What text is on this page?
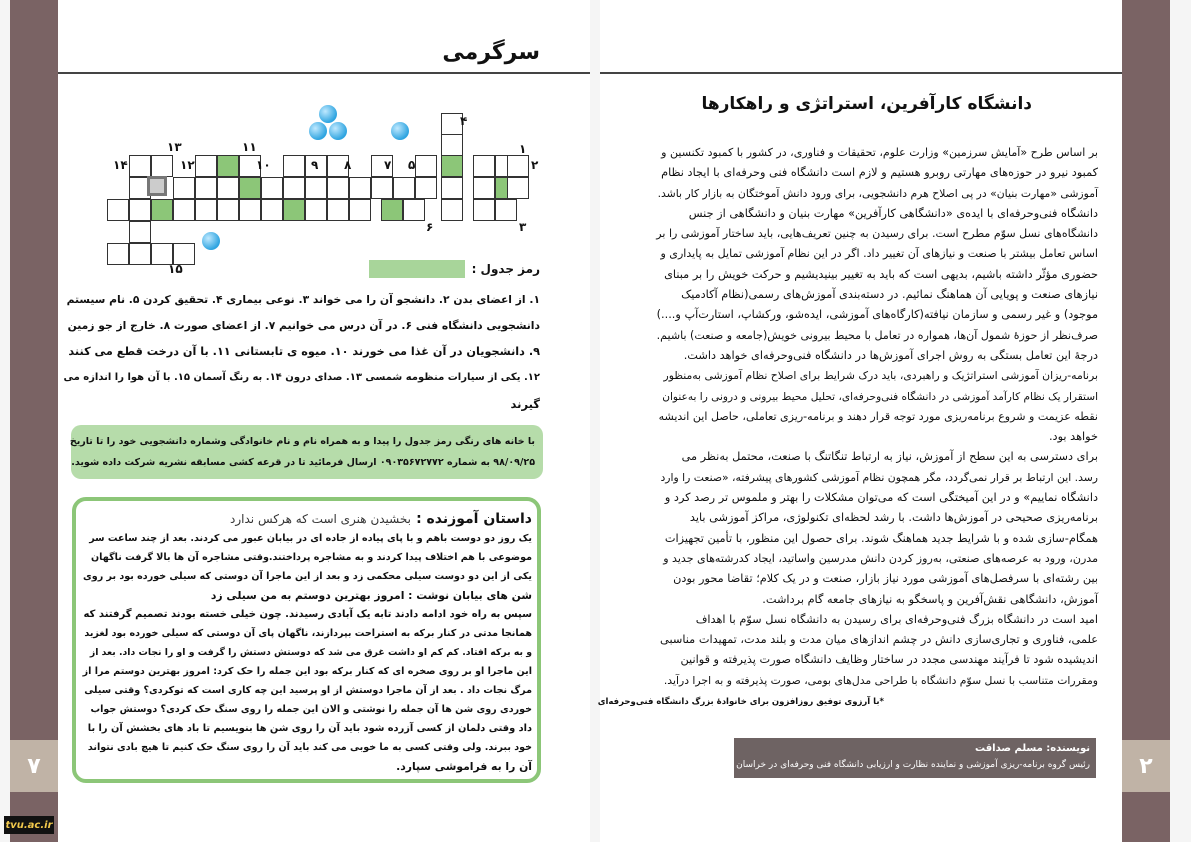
۷	۲
tvu.ac.ir
سرگرمی
۱
۲
۳
۴
۵
۶
۷
۸
۹
۱۰
۱۱
۱۲
۱۳
۱۴
۱۵	رمز جدول :
۱. از اعضای بدن ۲. دانشجو آن را می خواند ۳. نوعی بیماری ۴. تحقیق کردن ۵. نام سیستم
دانشجویی دانشگاه فنی ۶. در آن درس می خوانیم ۷. از اعضای صورت ۸. خارج از جو زمین
۹. دانشجویان در آن غذا می خورند ۱۰. میوه ی تابستانی ۱۱. با آن درخت قطع می کنند
۱۲. یکی از سیارات منظومه شمسی ۱۳. صدای درون ۱۴. به رنگ آسمان ۱۵. با آن هوا را اندازه می
گیرند
با خانه های رنگی رمز جدول را پیدا و به همراه نام و نام خانوادگی وشماره دانشجویی خود را تا تاریخ
۹۸/۰۹/۲۵ به شماره ۰۹۰۳۵۶۷۲۷۷۲ ارسال فرمائید تا در قرعه کشی مسابقه نشریه شرکت داده شوید.
داستان آموزنده : بخشیدن هنری است که هرکس ندارد
یک روز دو دوست باهم و با پای پیاده از جاده ای در بیابان عبور می کردند. بعد از چند ساعت سر
موضوعی با هم اختلاف پیدا کردند و به مشاجره پرداختند.وقتی مشاجره آن ها بالا گرفت ناگهان
یکی از این دو دوست سیلی محکمی زد و بعد از این ماجرا آن دوستی که سیلی خورده بود بر روی
شن های بیابان نوشت : امروز بهترین دوستم به من سیلی زد
سپس به راه خود ادامه دادند تابه یک آبادی رسیدند. چون خیلی خسته بودند تصمیم گرفتند که
همانجا مدتی در کنار برکه به استراحت بپردازند، ناگهان پای آن دوستی که سیلی خورده بود لغزید
و به برکه افتاد. کم کم او داشت غرق می شد که دوستش دستش را گرفت و او را نجات داد. بعد از
این ماجرا او بر روی صخره ای که کنار برکه بود این جمله را حک کرد: امروز بهترین دوستم مرا از
مرگ نجات داد . بعد از آن ماجرا دوستش از او پرسید این چه کاری است که توکردی؟ وقتی سیلی
خوردی روی شن ها آن جمله را نوشتی و الان این جمله را روی سنگ حک کردی؟ دوستش جواب
داد وقتی دلمان از کسی آزرده شود باید آن را روی شن ها بنویسیم تا باد های بخشش آن را با
خود ببرند. ولی وقتی کسی به ما خوبی می کند باید آن را روی سنگ حک کنیم تا هیچ بادی نتواند
آن را به فراموشی سپارد.
دانشگاه کارآفرین، استراتژی و راهکارها
بر اساس طرح «آمایش سرزمین» وزارت علوم، تحقیقات و فناوری، در کشور با کمبود تکنسین و
کمبود نیرو در حوزه‌های مهارتی روبرو هستیم و لازم است دانشگاه فنی وحرفه‌ای با ایجاد نظام
آموزشی «مهارت بنیان» در پی اصلاح هرم دانشجویی، برای ورود دانش آموختگان به بازار کار باشد.
دانشگاه فنی‌وحرفه‌ای با ایده‌ی «دانشگاهی کارآفرین» مهارت بنیان و دانشگاهی از جنس
دانشگاه‌های نسل سوّم مطرح است. برای رسیدن به چنین تعریف‌هایی، باید ساختار آموزشی را بر
اساس تعامل بیشتر با صنعت و نیازهای آن تغییر داد. اگر در این نظام آموزشی تمایل به پایداری و
حضوری مؤثّر داشته باشیم، بدیهی است که باید به تغییر بینیدیشیم و حرکت خویش را بر مبنای
نیازهای صنعت و پویایی آن هماهنگ نمائیم. در دسته‌بندی آموزش‌های رسمی(نظام آکادمیک
موجود) و غیر رسمی و سازمان نیافته(کارگاه‌های آموزشی، ایده‌شو، ورکشاپ، استارت‌آپ و....)
صرف‌نظر از حوزهٔ شمول آن‌ها، همواره در تعامل با محیط بیرونی خویش(جامعه و صنعت) باشیم.
درجهٔ این تعامل بستگی به روش اجرای آموزش‌ها در دانشگاه فنی‌وحرفه‌ای خواهد داشت.
برنامه-ریزان آموزشی استراتژیک و راهبردی، باید درک شرایط برای اصلاح نظام آموزشی به‌منظور
استقرار یک نظام کارآمد آموزشی در دانشگاه فنی‌وحرفه‌ای، تحلیل محیط بیرونی و درونی را به‌عنوان
نقطه عزیمت و شروع برنامه‌ریزی مورد توجه قرار دهند و برنامه-ریزی تعاملی، حاصل این اندیشه
خواهد بود.
برای دسترسی به این سطح از آموزش، نیاز به ارتباط تنگاتنگ با صنعت، محتمل به‌نظر می
رسد. این ارتباط بر قرار نمی‌گردد، مگر همچون نظام آموزشی کشورهای پیشرفته، «صنعت را وارد
دانشگاه نماییم» و در این آمیختگی است که می‌توان مشکلات را بهتر و ملموس تر رصد کرد و
برنامه‌ریزی صحیحی در آموزش‌ها داشت. با رشد لحظه‌ای تکنولوژی، مراکز آموزشی باید
همگام-سازی شده و با شرایط جدید هماهنگ شوند. برای حصول این منظور، با تأمین تجهیزات
مدرن، ورود به عرصه‌های صنعتی، به‌روز کردن دانش مدرسین واساتید، ایجاد کدرشته‌های جدید و
بین رشته‌ای با سرفصل‌های آموزشی مورد نیاز بازار، صنعت و در یک کلام؛ تقاضا محور بودن
آموزش، دانشگاهی نقش‌آفرین و پاسخگو به نیازهای جامعه گام برداشت.
امید است در دانشگاه بزرگ فنی‌وحرفه‌ای برای رسیدن به دانشگاه نسل سوّم با اهداف
علمی، فناوری و تجاری‌سازی دانش در چشم اندازهای میان مدت و بلند مدت، تمهیدات مناسبی
اندیشیده شود تا فرآیند مهندسی مجدد در ساختار وظایف دانشگاه صورت پذیرفته و قوانین
ومقررات متناسب با نسل سوّم دانشگاه با طراحی مدل‌های بومی، صورت پذیرفته و به اجرا درآید.
*با آرزوی توفیق روزافزون برای خانوادهٔ بزرگ دانشگاه فنی‌وحرفه‌ای
نویسنده: مسلم صداقت
رئیس گروه برنامه-ریزی آموزشی و نماینده نظارت و ارزیابی دانشگاه فنی وحرفه‌ای در خراسان شمالی
